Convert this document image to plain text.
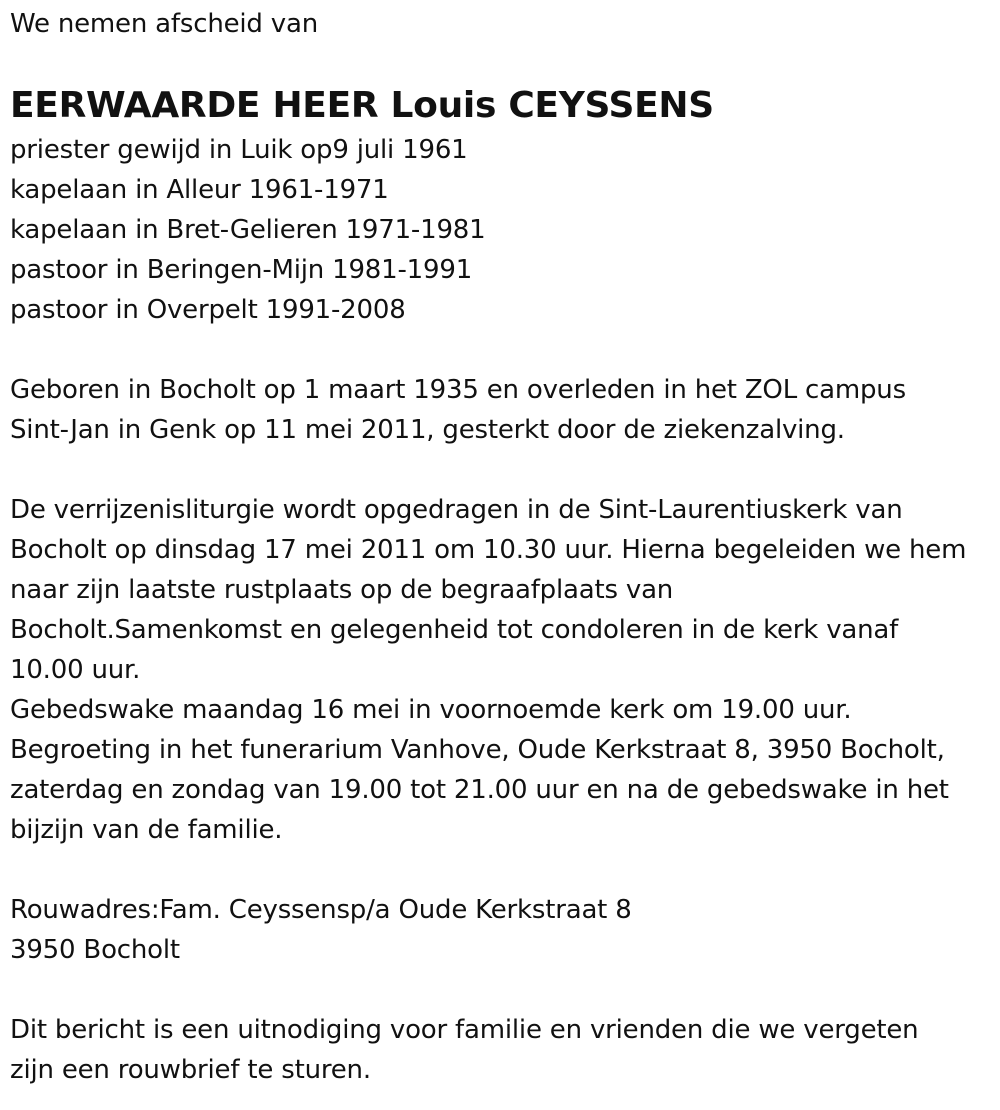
We nemen afscheid van
EERWAARDE HEER Louis CEYSSENS
priester gewijd in Luik op9 juli 1961
kapelaan in Alleur 1961-1971
kapelaan in Bret-Gelieren 1971-1981
pastoor in Beringen-Mijn 1981-1991
pastoor in Overpelt 1991-2008
Geboren in Bocholt op 1 maart 1935 en overleden in het ZOL campus
Sint-Jan in Genk op 11 mei 2011, gesterkt door de ziekenzalving.
De verrijzenisliturgie wordt opgedragen in de Sint-Laurentiuskerk van
Bocholt op dinsdag 17 mei 2011 om 10.30 uur. Hierna begeleiden we hem
naar zijn laatste rustplaats op de begraafplaats van
Bocholt.Samenkomst en gelegenheid tot condoleren in de kerk vanaf
10.00 uur.
Gebedswake maandag 16 mei in voornoemde kerk om 19.00 uur.
Begroeting in het funerarium Vanhove, Oude Kerkstraat 8, 3950 Bocholt,
zaterdag en zondag van 19.00 tot 21.00 uur en na de gebedswake in het
bijzijn van de familie.
Rouwadres:Fam. Ceyssensp/a Oude Kerkstraat 8
3950 Bocholt
Dit bericht is een uitnodiging voor familie en vrienden die we vergeten
zijn een rouwbrief te sturen.
